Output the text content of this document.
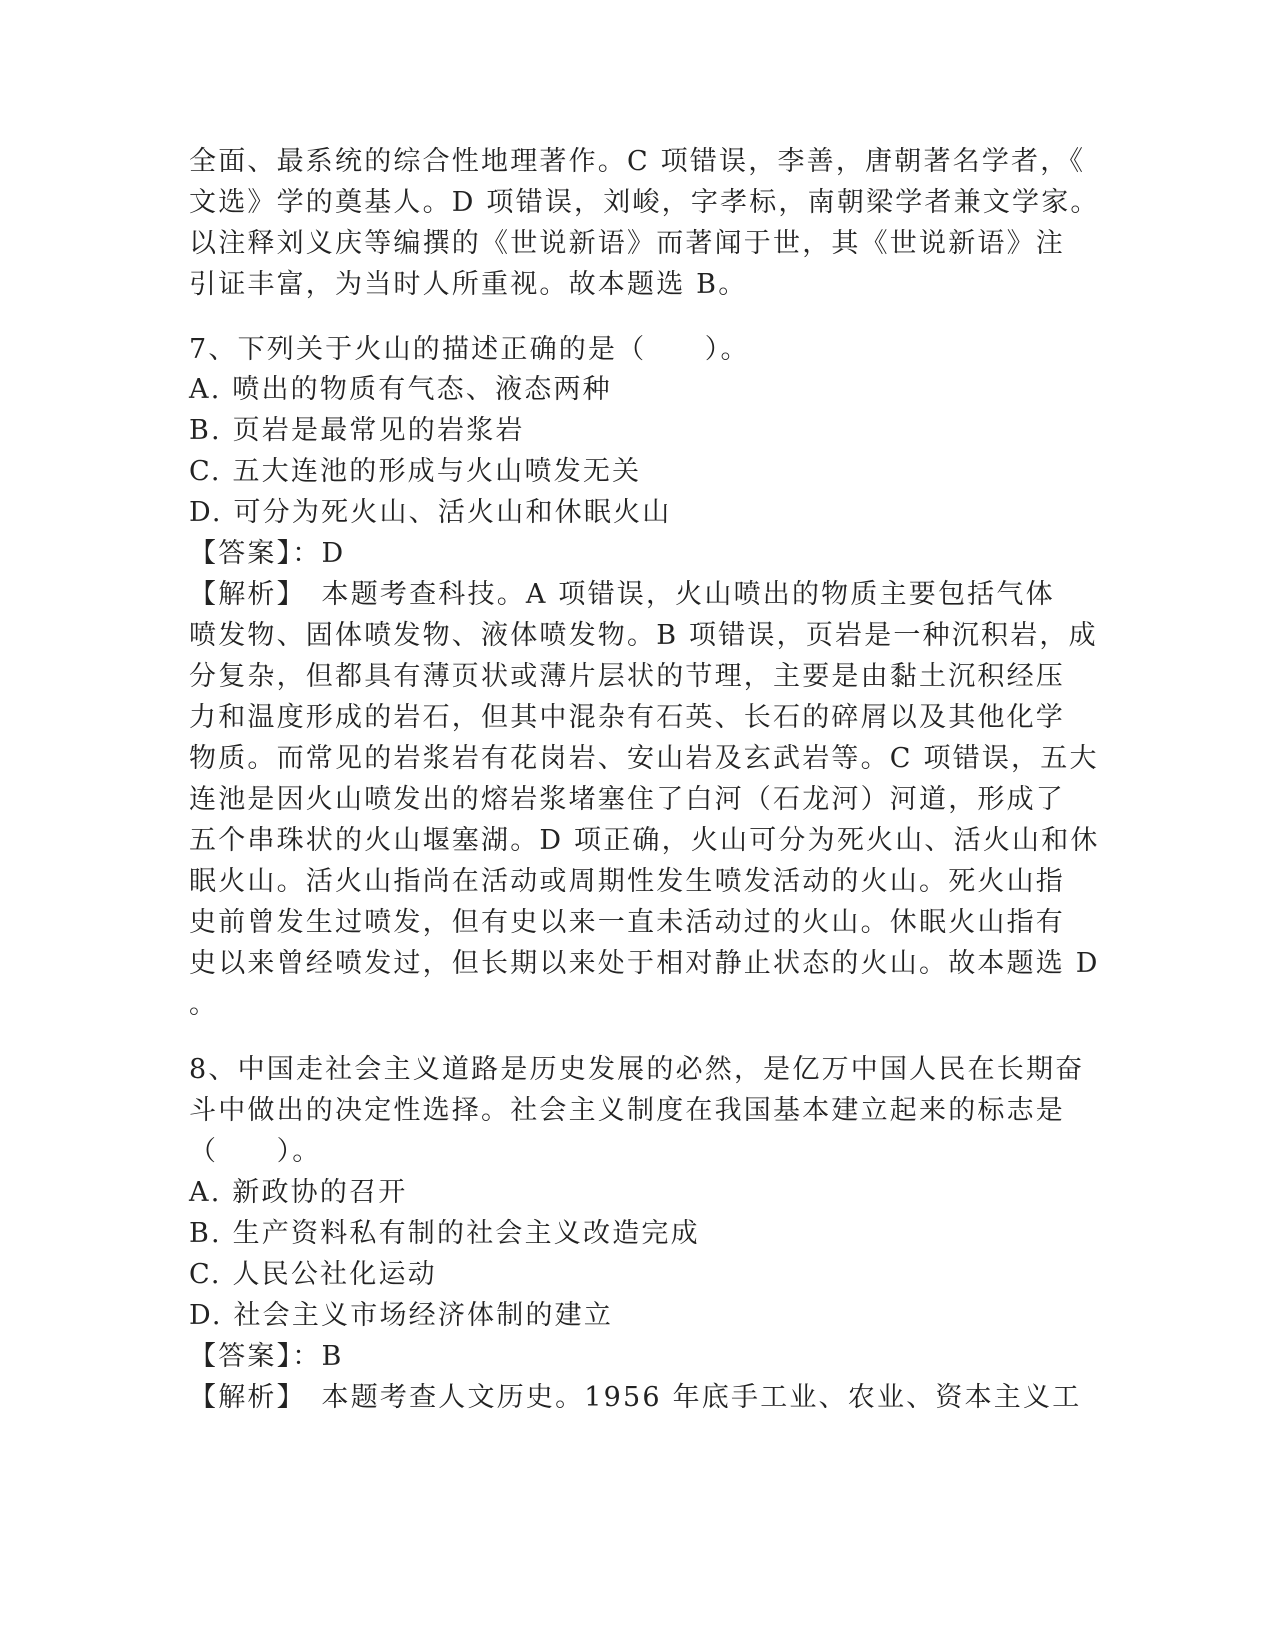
全面、最系统的综合性地理著作。C 项错误，李善，唐朝著名学者，《
文选》学的奠基人。D 项错误，刘峻，字孝标，南朝梁学者兼文学家。
以注释刘义庆等编撰的《世说新语》而著闻于世，其《世说新语》注
引证丰富，为当时人所重视。故本题选 B。
7、下列关于火山的描述正确的是（　　）。
A. 喷出的物质有气态、液态两种
B. 页岩是最常见的岩浆岩
C. 五大连池的形成与火山喷发无关
D. 可分为死火山、活火山和休眠火山
【答案】：D
【解析】　本题考查科技。A 项错误，火山喷出的物质主要包括气体
喷发物、固体喷发物、液体喷发物。B 项错误，页岩是一种沉积岩，成
分复杂，但都具有薄页状或薄片层状的节理，主要是由黏土沉积经压
力和温度形成的岩石，但其中混杂有石英、长石的碎屑以及其他化学
物质。而常见的岩浆岩有花岗岩、安山岩及玄武岩等。C 项错误，五大
连池是因火山喷发出的熔岩浆堵塞住了白河（石龙河）河道，形成了
五个串珠状的火山堰塞湖。D 项正确，火山可分为死火山、活火山和休
眠火山。活火山指尚在活动或周期性发生喷发活动的火山。死火山指
史前曾发生过喷发，但有史以来一直未活动过的火山。休眠火山指有
史以来曾经喷发过，但长期以来处于相对静止状态的火山。故本题选 D
。
8、中国走社会主义道路是历史发展的必然，是亿万中国人民在长期奋
斗中做出的决定性选择。社会主义制度在我国基本建立起来的标志是
（　　）。
A. 新政协的召开
B. 生产资料私有制的社会主义改造完成
C. 人民公社化运动
D. 社会主义市场经济体制的建立
【答案】：B
【解析】　本题考查人文历史。1956 年底手工业、农业、资本主义工
